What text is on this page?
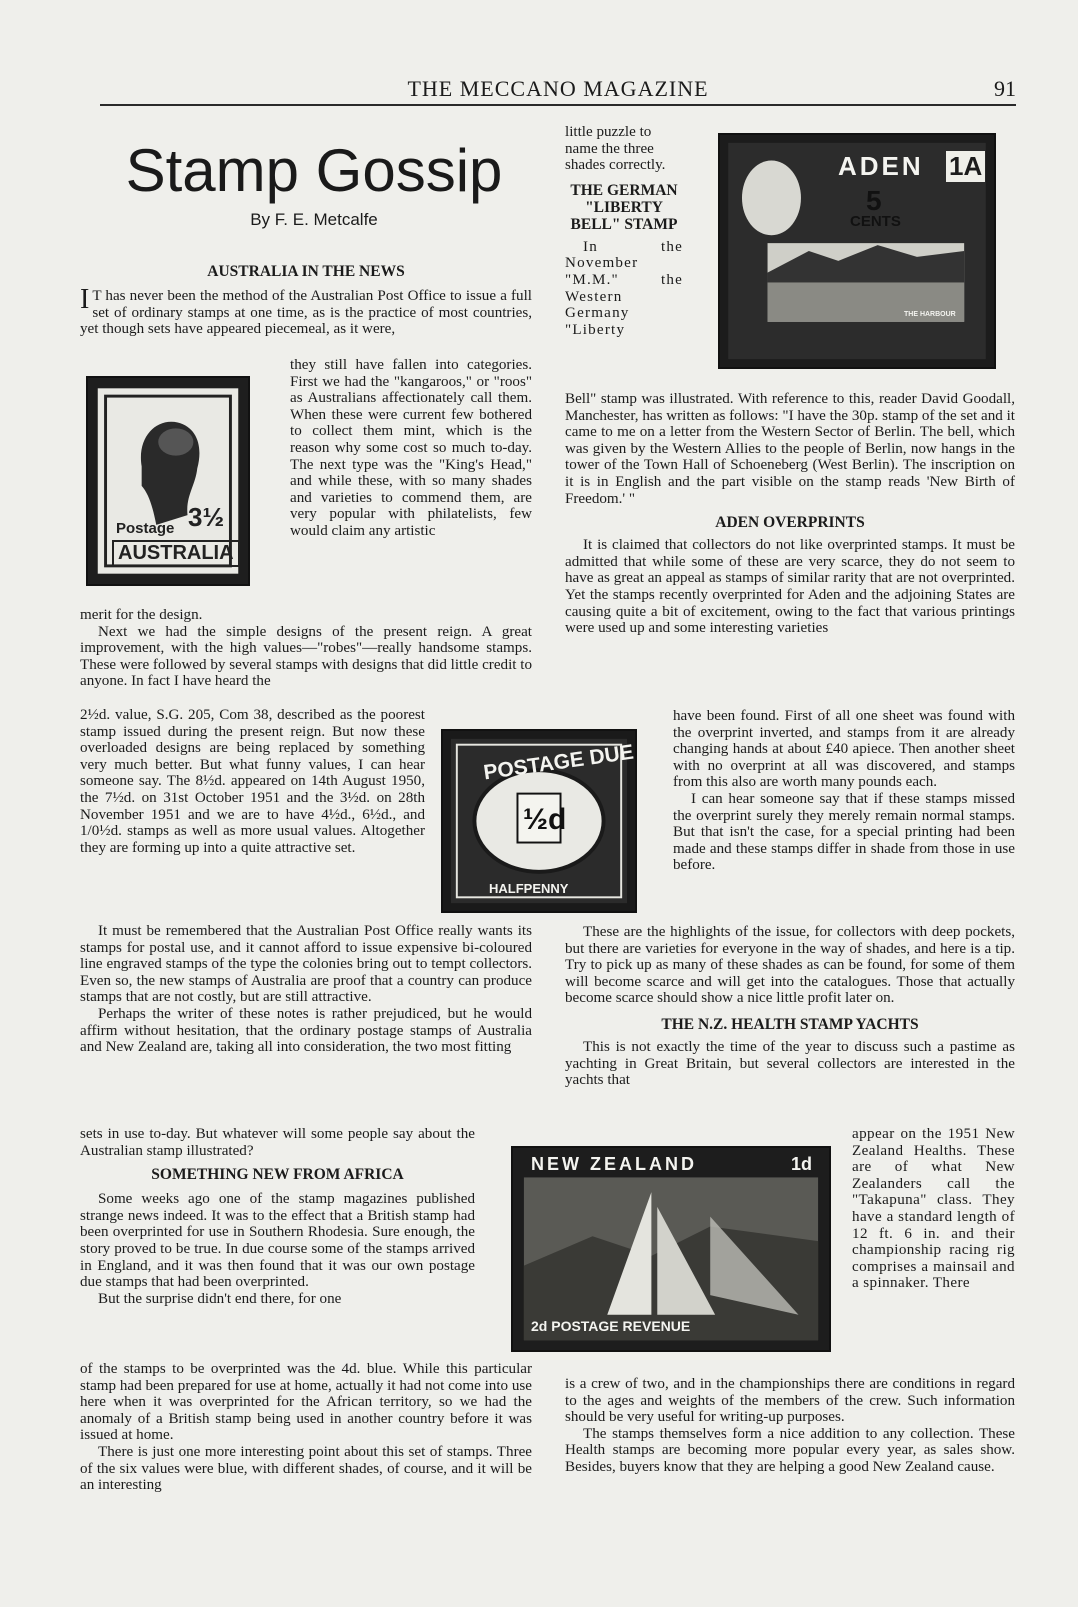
THE MECCANO MAGAZINE	91
Stamp Gossip
By F. E. Metcalfe
AUSTRALIA IN THE NEWS

I T has never been the method of the Australian Post Office to issue a full set of ordinary stamps at one time, as is the practice of most countries, yet though sets have appeared piecemeal, as it were,

they still have fallen into categories. First we had the "kangaroos," or "roos" as Australians affectionately call them. When these were current few bothered to collect them mint, which is the reason why some cost so much to-day. The next type was the "King's Head," and while these, with so many shades and varieties to commend them, are very popular with philatelists, few would claim any artistic

merit for the design.

Next we had the simple designs of the present reign. A great improvement, with the high values—"robes"—really handsome stamps. These were followed by several stamps with designs that did little credit to anyone. In fact I have heard the

2½d. value, S.G. 205, Com 38, described as the poorest stamp issued during the present reign. But now these overloaded designs are being replaced by something very much better. But what funny values, I can hear someone say. The 8½d. appeared on 14th August 1950, the 7½d. on 31st October 1951 and the 3½d. on 28th November 1951 and we are to have 4½d., 6½d., and 1/0½d. stamps as well as more usual values. Altogether they are forming up into a quite attractive set.

It must be remembered that the Australian Post Office really wants its stamps for postal use, and it cannot afford to issue expensive bi-coloured line engraved stamps of the type the colonies bring out to tempt collectors. Even so, the new stamps of Australia are proof that a country can produce stamps that are not costly, but are still attractive.

Perhaps the writer of these notes is rather prejudiced, but he would affirm without hesitation, that the ordinary postage stamps of Australia and New Zealand are, taking all into consideration, the two most fitting

sets in use to-day. But whatever will some people say about the Australian stamp illustrated?

SOMETHING NEW FROM AFRICA

Some weeks ago one of the stamp magazines published strange news indeed. It was to the effect that a British stamp had been overprinted for use in Southern Rhodesia. Sure enough, the story proved to be true. In due course some of the stamps arrived in England, and it was then found that it was our own postage due stamps that had been overprinted.

But the surprise didn't end there, for one

of the stamps to be overprinted was the 4d. blue. While this particular stamp had been prepared for use at home, actually it had not come into use here when it was overprinted for the African territory, so we had the anomaly of a British stamp being used in another country before it was issued at home.

There is just one more interesting point about this set of stamps. Three of the six values were blue, with different shades, of course, and it will be an interesting

little puzzle to name the three shades correctly.

THE GERMAN "LIBERTY BELL" STAMP

In the November "M.M." the Western Germany "Liberty

Bell" stamp was illustrated. With reference to this, reader David Goodall, Manchester, has written as follows: "I have the 30p. stamp of the set and it came to me on a letter from the Western Sector of Berlin. The bell, which was given by the Western Allies to the people of Berlin, now hangs in the tower of the Town Hall of Schoeneberg (West Berlin). The inscription on it is in English and the part visible on the stamp reads 'New Birth of Freedom.' "

ADEN OVERPRINTS

It is claimed that collectors do not like overprinted stamps. It must be admitted that while some of these are very scarce, they do not seem to have as great an appeal as stamps of similar rarity that are not overprinted. Yet the stamps recently overprinted for Aden and the adjoining States are causing quite a bit of excitement, owing to the fact that various printings were used up and some interesting varieties

have been found. First of all one sheet was found with the overprint inverted, and stamps from it are already changing hands at about £40 apiece. Then another sheet with no overprint at all was discovered, and stamps from this also are worth many pounds each.

I can hear someone say that if these stamps missed the overprint surely they merely remain normal stamps. But that isn't the case, for a special printing had been made and these stamps differ in shade from those in use before.

These are the highlights of the issue, for collectors with deep pockets, but there are varieties for everyone in the way of shades, and here is a tip. Try to pick up as many of these shades as can be found, for some of them will become scarce and will get into the catalogues. Those that actually become scarce should show a nice little profit later on.

THE N.Z. HEALTH STAMP YACHTS

This is not exactly the time of the year to discuss such a pastime as yachting in Great Britain, but several collectors are interested in the yachts that

appear on the 1951 New Zealand Healths. These are of what New Zealanders call the "Takapuna" class. They have a standard length of 12 ft. 6 in. and their championship racing rig comprises a mainsail and a spinnaker. There

is a crew of two, and in the championships there are conditions in regard to the ages and weights of the members of the crew. Such information should be very useful for writing-up purposes.

The stamps themselves form a nice addition to any collection. These Health stamps are becoming more popular every year, as sales show. Besides, buyers know that they are helping a good New Zealand cause.

Postage 3½
AUSTRALIA
POSTAGE DUE
½d
HALFPENNY
ADEN 1A
5
CENTS
THE HARBOUR
NEW ZEALAND	1d
2d POSTAGE REVENUE
